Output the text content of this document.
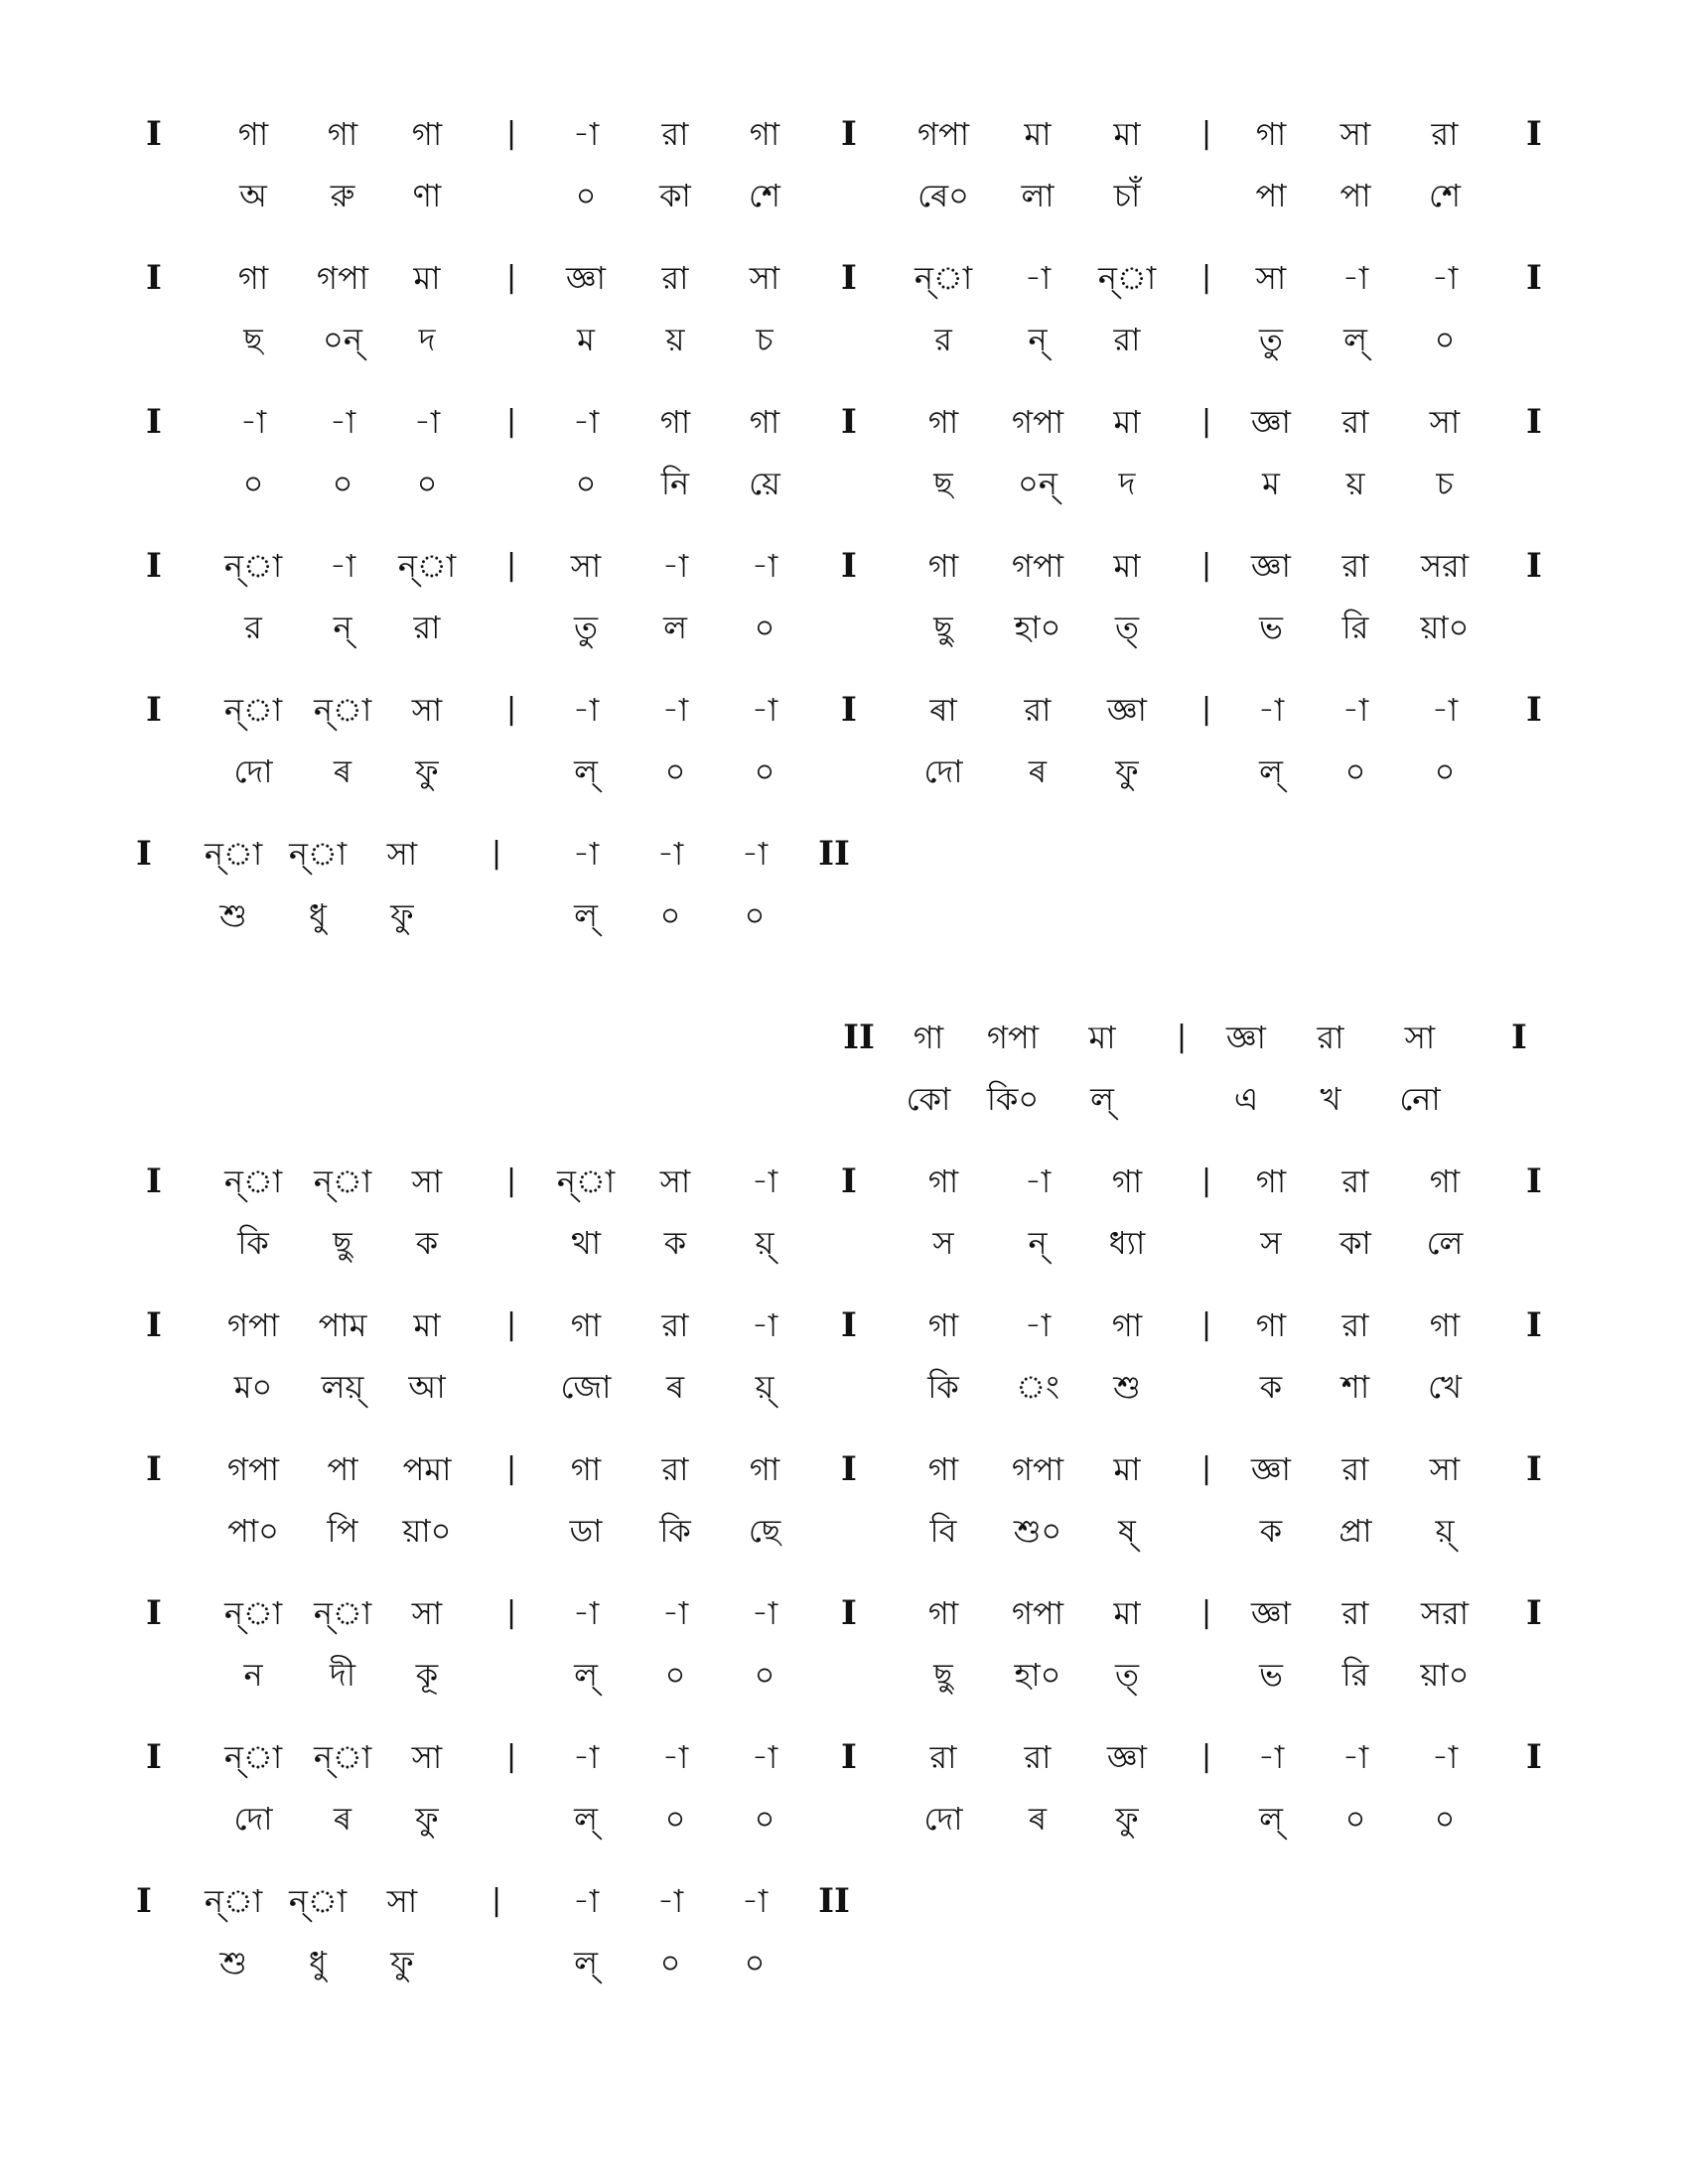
I	গা	গা	গা	|	-া	রা	গা	I	গপা	মা	মা	|	গা	সা	রা	I
অ	রু	ণা	০	কা	শে	ৰে০	লা	চাঁ	পা	পা	শে
I	গা	গপা	মা	|	জ্ঞা	রা	সা	I	ন্া	-া	ন্া	|	সা	-া	-া	I
ছ	০ন্	দ	ম	য়	চ	র	ন্	রা	তু	ল্	০
I	-া	-া	-া	|	-া	গা	গা	I	গা	গপা	মা	|	জ্ঞা	রা	সা	I
০	০	০	০	নি	য়ে	ছ	০ন্	দ	ম	য়	চ
I	ন্া	-া	ন্া	|	সা	-া	-া	I	গা	গপা	মা	|	জ্ঞা	রা	সরা	I
র	ন্	রা	তু	ল	০	ছু	হা০	ত্	ভ	রি	য়া০
I	ন্া ন্া	সা	|	-া	-া	-া	I	ৰা	রা	জ্ঞা	|	-া	-া	-া	I
দো	ৰ	ফু	ল্	০	০	দো	ৰ	ফু	ল্	০	০
I	ন্া ন্া	সা	|	-া	-া	-া	II
শু	ধু	ফু	ল্	০	০
II	গা	গপা	মা	|	জ্ঞা	রা	সা	I
কো	কি০	ল্	এ	খ	নো
I	ন্া ন্া	সা	|	ন্া	সা	-া	I	গা	-া	গা	|	গা	রা	গা	I
কি	ছু	ক	থা	ক	য়্	স	ন্	ধ্যা	স	কা	লে
I	গপা	পাম	মা	|	গা	রা	-া	I	গা	-া	গা	|	গা	রা	গা	I
ম০	লয়্	আ	জো	ৰ	য়্	কি	ং	শু	ক	শা	খে
I	গপা	পা	পমা	|	গা	রা	গা	I	গা	গপা	মা	|	জ্ঞা	রা	সা	I
পা০	পি	য়া০	ডা	কি	ছে	বি	শু০	ষ্	ক	প্রা	য়্
I	ন্া ন্া	সা	|	-া	-া	-া	I	গা	গপা	মা	|	জ্ঞা	রা	সরা	I
ন	দী	কূ	ল্	০	০	ছু	হা০	ত্	ভ	রি	য়া০
I	ন্া ন্া	সা	|	-া	-া	-া	I	রা	রা	জ্ঞা	|	-া	-া	-া	I
দো	ৰ	ফু	ল্	০	০	দো	ৰ	ফু	ল্	০	০
I	ন্া ন্া	সা	|	-া	-া	-া	II
শু	ধু	ফু	ল্	০	০
